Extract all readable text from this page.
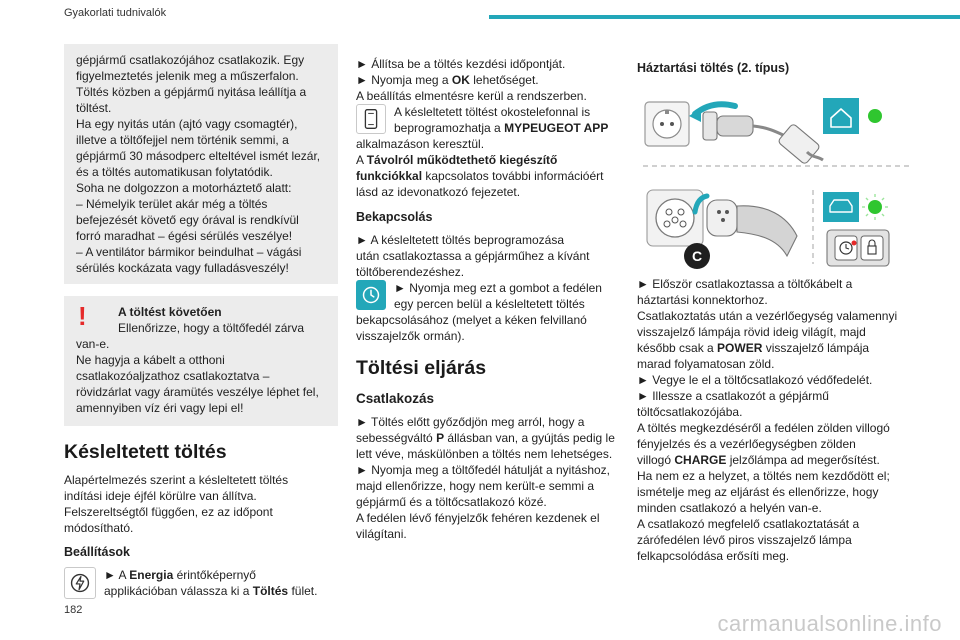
Gyakorlati tudnivalók
gépjármű csatlakozójához csatlakozik. Egy
figyelmeztetés jelenik meg a műszerfalon.
Töltés közben a gépjármű nyitása leállítja a
töltést.
Ha egy nyitás után (ajtó vagy csomagtér),
illetve a töltőfejjel nem történik semmi, a
gépjármű 30 másodperc elteltével ismét lezár,
és a töltés automatikusan folytatódik.
Soha ne dolgozzon a motorháztető alatt:
– Némelyik terület akár még a töltés
befejezését követő egy órával is rendkívül
forró maradhat – égési sérülés veszélye!
– A ventilátor bármikor beindulhat – vágási
sérülés kockázata vagy fulladásveszély!
!	A töltést követően
Ellenőrizze, hogy a töltőfedél zárva
van-e.
Ne hagyja a kábelt a otthoni
csatlakozóaljzathoz csatlakoztatva –
rövidzárlat vagy áramütés veszélye léphet fel,
amennyiben víz éri vagy lepi el!
Késleltetett töltés
Alapértelmezés szerint a késleltetett töltés
indítási ideje éjfél körülre van állítva.
Felszereltségtől függően, ez az időpont
módosítható.
Beállítások
► A Energia érintőképernyő
applikációban válassza ki a Töltés fület.
► Állítsa be a töltés kezdési időpontját.
► Nyomja meg a OK lehetőséget.
A beállítás elmentésre kerül a rendszerben.
A késleltetett töltést okostelefonnal is
beprogramozhatja a MYPEUGEOT APP
alkalmazáson keresztül.
A Távolról működtethető kiegészítő
funkciókkal kapcsolatos további információért
lásd az idevonatkozó fejezetet.
Bekapcsolás
► A késleltetett töltés beprogramozása
után csatlakoztassa a gépjárműhez a kívánt
töltőberendezéshez.
► Nyomja meg ezt a gombot a fedélen
egy percen belül a késleltetett töltés
bekapcsolásához (melyet a kéken felvillanó
visszajelzők ormán).
Töltési eljárás
Csatlakozás
► Töltés előtt győződjön meg arról, hogy a
sebességváltó P állásban van, a gyújtás pedig le
lett véve, máskülönben a töltés nem lehetséges.
► Nyomja meg a töltőfedél hátulját a nyitáshoz,
majd ellenőrizze, hogy nem került-e semmi a
gépjármű és a töltőcsatlakozó közé.
A fedélen lévő fényjelzők fehéren kezdenek el
világítani.
Háztartási töltés (2. típus)
C
► Először csatlakoztassa a töltőkábelt a
háztartási konnektorhoz.
Csatlakoztatás után a vezérlőegység valamennyi
visszajelző lámpája rövid ideig világít, majd
később csak a POWER visszajelző lámpája
marad folyamatosan zöld.
► Vegye le el a töltőcsatlakozó védőfedelét.
► Illessze a csatlakozót a gépjármű
töltőcsatlakozójába.
A töltés megkezdéséről a fedélen zölden villogó
fényjelzés és a vezérlőegységben zölden
villogó CHARGE jelzőlámpa ad megerősítést.
Ha nem ez a helyzet, a töltés nem kezdődött el;
ismételje meg az eljárást és ellenőrizze, hogy
minden csatlakozó a helyén van-e.
A csatlakozó megfelelő csatlakoztatását a
zárófedélen lévő piros visszajelző lámpa
felkapcsolódása erősíti meg.
182
carmanualsonline.info
